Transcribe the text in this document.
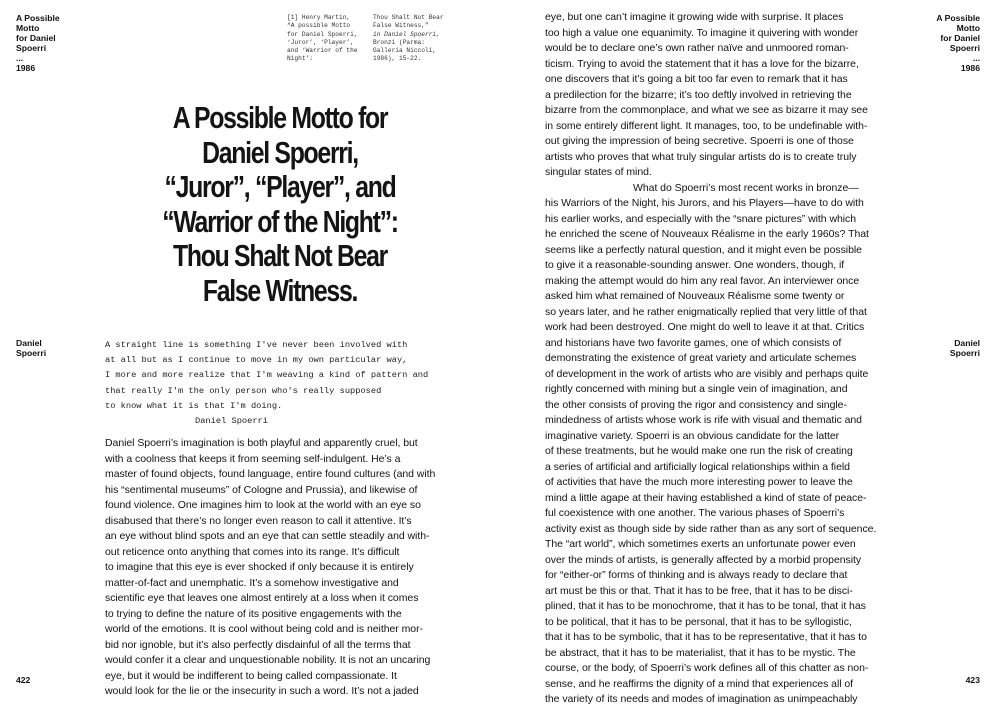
A Possible
Motto
for Daniel
Spoerri
...
1986
[1] Henry Martin,
“A possible Motto
for Daniel Spoerri,
‘Juror’, ‘Player’,
and ‘Warrior of the
Night’:
Thou Shalt Not Bear
False Witness,”
in Daniel Spoerri,
Bronzi (Parma:
Galleria Niccoli,
1986), 15–22.
A Possible Motto for
Daniel Spoerri,
“Juror”, “Player”, and
“Warrior of the Night”:
Thou Shalt Not Bear
False Witness.
Daniel
Spoerri
A straight line is something I've never been involved with
at all but as I continue to move in my own particular way,
I more and more realize that I'm weaving a kind of pattern and
that really I'm the only person who's really supposed
to know what it is that I'm doing.
Daniel Spoerri
Daniel Spoerri’s imagination is both playful and apparently cruel, but
with a coolness that keeps it from seeming self-indulgent. He’s a
master of found objects, found language, entire found cultures (and with
his “sentimental museums” of Cologne and Prussia), and likewise of
found violence. One imagines him to look at the world with an eye so
disabused that there’s no longer even reason to call it attentive. It’s
an eye without blind spots and an eye that can settle steadily and with-
out reticence onto anything that comes into its range. It’s difficult
to imagine that this eye is ever shocked if only because it is entirely
matter-of-fact and unemphatic. It’s a somehow investigative and
scientific eye that leaves one almost entirely at a loss when it comes
to trying to define the nature of its positive engagements with the
world of the emotions. It is cool without being cold and is neither mor-
bid nor ignoble, but it’s also perfectly disdainful of all the terms that
would confer it a clear and unquestionable nobility. It is not an uncaring
eye, but it would be indifferent to being called compassionate. It
would look for the lie or the insecurity in such a word. It’s not a jaded
422
eye, but one can’t imagine it growing wide with surprise. It places
too high a value one equanimity. To imagine it quivering with wonder
would be to declare one’s own rather naïve and unmoored roman-
ticism. Trying to avoid the statement that it has a love for the bizarre,
one discovers that it’s going a bit too far even to remark that it has
a predilection for the bizarre; it’s too deftly involved in retrieving the
bizarre from the commonplace, and what we see as bizarre it may see
in some entirely different light. It manages, too, to be undefinable with-
out giving the impression of being secretive. Spoerri is one of those
artists who proves that what truly singular artists do is to create truly
singular states of mind.
What do Spoerri’s most recent works in bronze—
his Warriors of the Night, his Jurors, and his Players—have to do with
his earlier works, and especially with the “snare pictures” with which
he enriched the scene of Nouveaux Réalisme in the early 1960s? That
seems like a perfectly natural question, and it might even be possible
to give it a reasonable-sounding answer. One wonders, though, if
making the attempt would do him any real favor. An interviewer once
asked him what remained of Nouveaux Réalisme some twenty or
so years later, and he rather enigmatically replied that very little of that
work had been destroyed. One might do well to leave it at that. Critics
and historians have two favorite games, one of which consists of
demonstrating the existence of great variety and articulate schemes
of development in the work of artists who are visibly and perhaps quite
rightly concerned with mining but a single vein of imagination, and
the other consists of proving the rigor and consistency and single-
mindedness of artists whose work is rife with visual and thematic and
imaginative variety. Spoerri is an obvious candidate for the latter
of these treatments, but he would make one run the risk of creating
a series of artificial and artificially logical relationships within a field
of activities that have the much more interesting power to leave the
mind a little agape at their having established a kind of state of peace-
ful coexistence with one another. The various phases of Spoerri’s
activity exist as though side by side rather than as any sort of sequence.
The “art world”, which sometimes exerts an unfortunate power even
over the minds of artists, is generally affected by a morbid propensity
for “either-or” forms of thinking and is always ready to declare that
art must be this or that. That it has to be free, that it has to be disci-
plined, that it has to be monochrome, that it has to be tonal, that it has
to be political, that it has to be personal, that it has to be syllogistic,
that it has to be symbolic, that it has to be representative, that it has to
be abstract, that it has to be materialist, that it has to be mystic. The
course, or the body, of Spoerri’s work defines all of this chatter as non-
sense, and he reaffirms the dignity of a mind that experiences all of
the variety of its needs and modes of imagination as unimpeachably
A Possible
Motto
for Daniel
Spoerri
...
1986
Daniel
Spoerri
423
